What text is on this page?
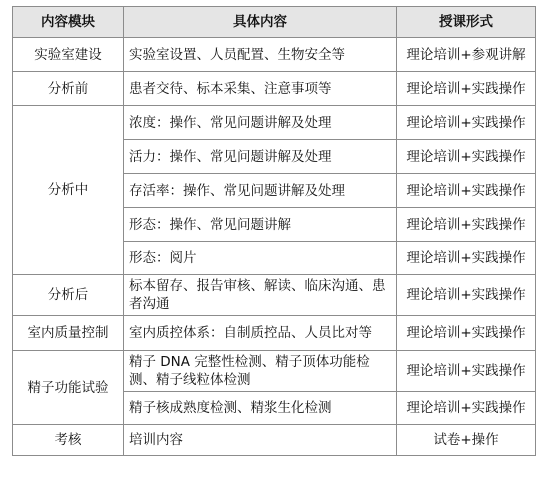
内容模块	具体内容	授课形式
实验室建设	实验室设置、人员配置、生物安全等	理论培训+参观讲解
分析前	患者交待、标本采集、注意事项等	理论培训+实践操作
分析中	浓度：操作、常见问题讲解及处理	理论培训+实践操作
	活力：操作、常见问题讲解及处理	理论培训+实践操作
	存活率：操作、常见问题讲解及处理	理论培训+实践操作
	形态：操作、常见问题讲解	理论培训+实践操作
	形态：阅片	理论培训+实践操作
分析后	标本留存、报告审核、解读、临床沟通、患者沟通	理论培训+实践操作
室内质量控制	室内质控体系：自制质控品、人员比对等	理论培训+实践操作
精子功能试验	精子 DNA 完整性检测、精子顶体功能检测、精子线粒体检测	理论培训+实践操作
	精子核成熟度检测、精浆生化检测	理论培训+实践操作
考核	培训内容	试卷+操作
